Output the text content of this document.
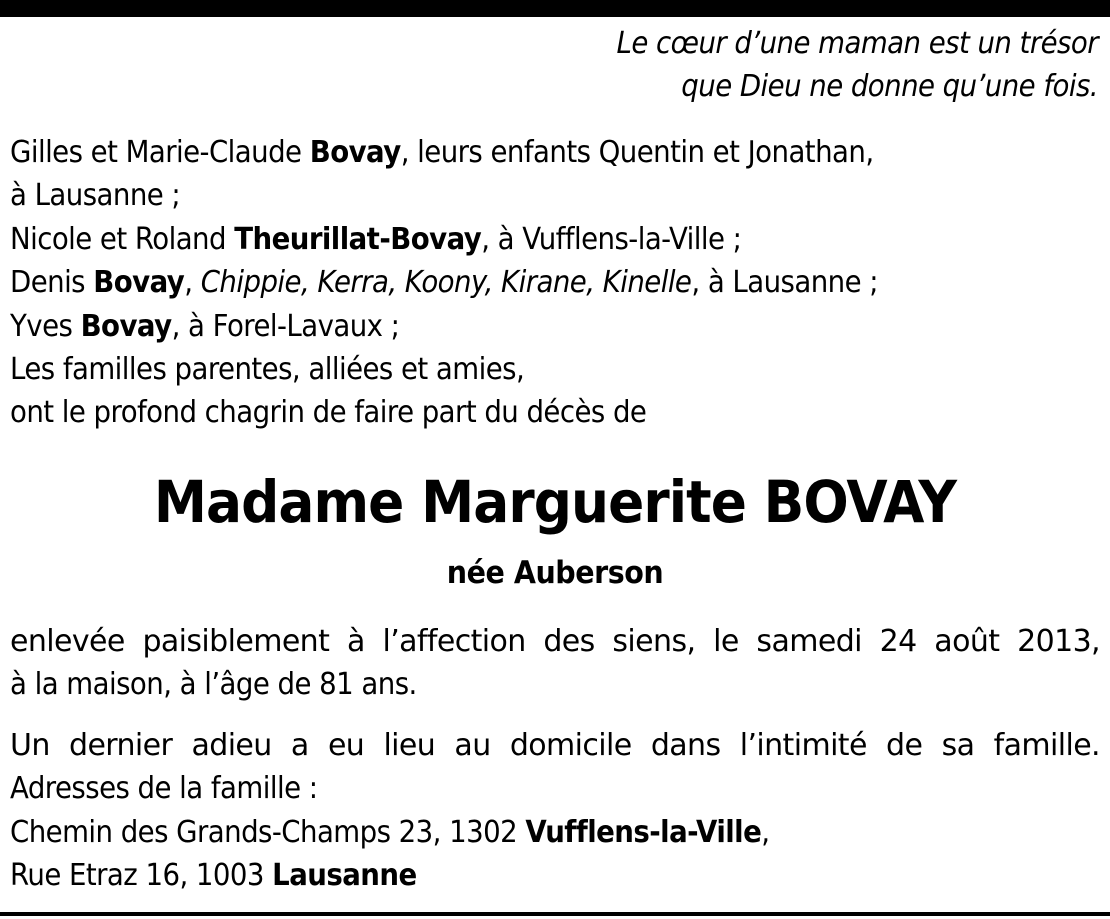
Le cœur d’une maman est un trésor
que Dieu ne donne qu’une fois.
Gilles et Marie-Claude Bovay, leurs enfants Quentin et Jonathan,
à Lausanne ;
Nicole et Roland Theurillat-Bovay, à Vufflens-la-Ville ;
Denis Bovay, Chippie, Kerra, Koony, Kirane, Kinelle, à Lausanne ;
Yves Bovay, à Forel-Lavaux ;
Les familles parentes, alliées et amies,
ont le profond chagrin de faire part du décès de
Madame Marguerite BOVAY
née Auberson
enlevée paisiblement à l’affection des siens, le samedi 24 août 2013,
à la maison, à l’âge de 81 ans.
Un dernier adieu a eu lieu au domicile dans l’intimité de sa famille.
Adresses de la famille :
Chemin des Grands-Champs 23, 1302 Vufflens-la-Ville,
Rue Etraz 16, 1003 Lausanne
